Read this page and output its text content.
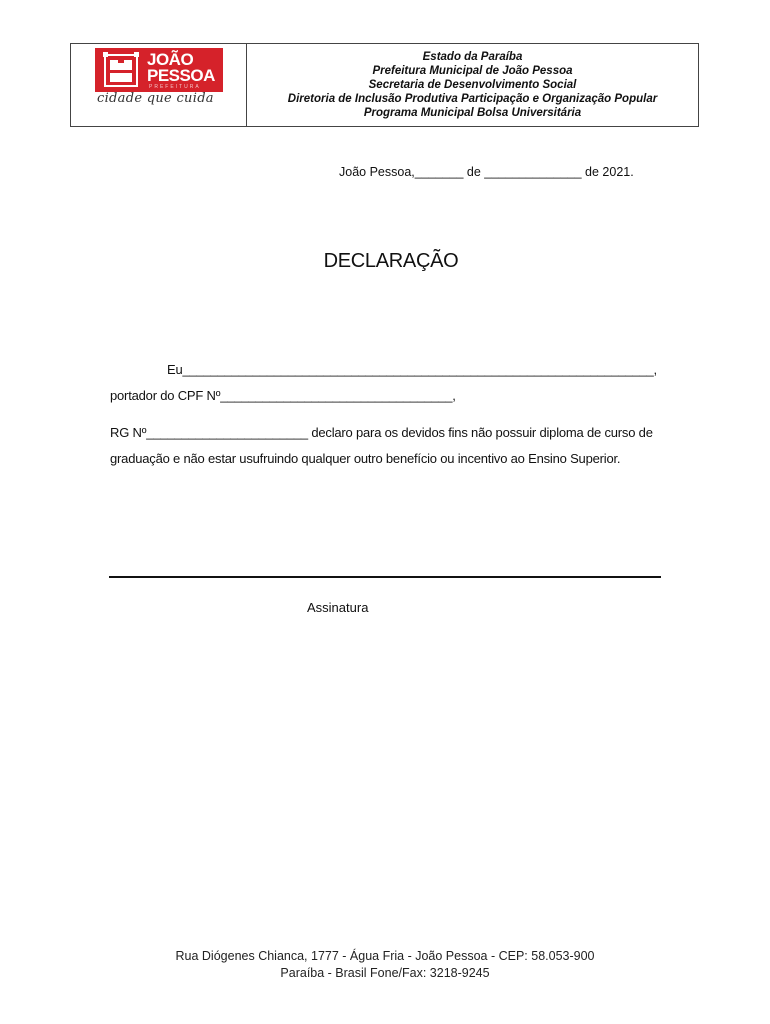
JOÃO
PESSOA
PREFEITURA
cidade que cuida
Estado da Paraíba
Prefeitura Municipal de João Pessoa
Secretaria de Desenvolvimento Social
Diretoria de Inclusão Produtiva Participação e Organização Popular
Programa Municipal Bolsa Universitária
João Pessoa,_______ de ______________ de 2021.
DECLARAÇÃO
Eu___________________________________________________________________,
portador do CPF Nº_________________________________,
RG Nº_______________________ declaro para os devidos fins não possuir diploma de curso de
graduação e não estar usufruindo qualquer outro benefício ou incentivo ao Ensino Superior.
Assinatura
Rua Diógenes Chianca, 1777 - Água Fria - João Pessoa - CEP: 58.053-900
Paraíba - Brasil Fone/Fax: 3218-9245
